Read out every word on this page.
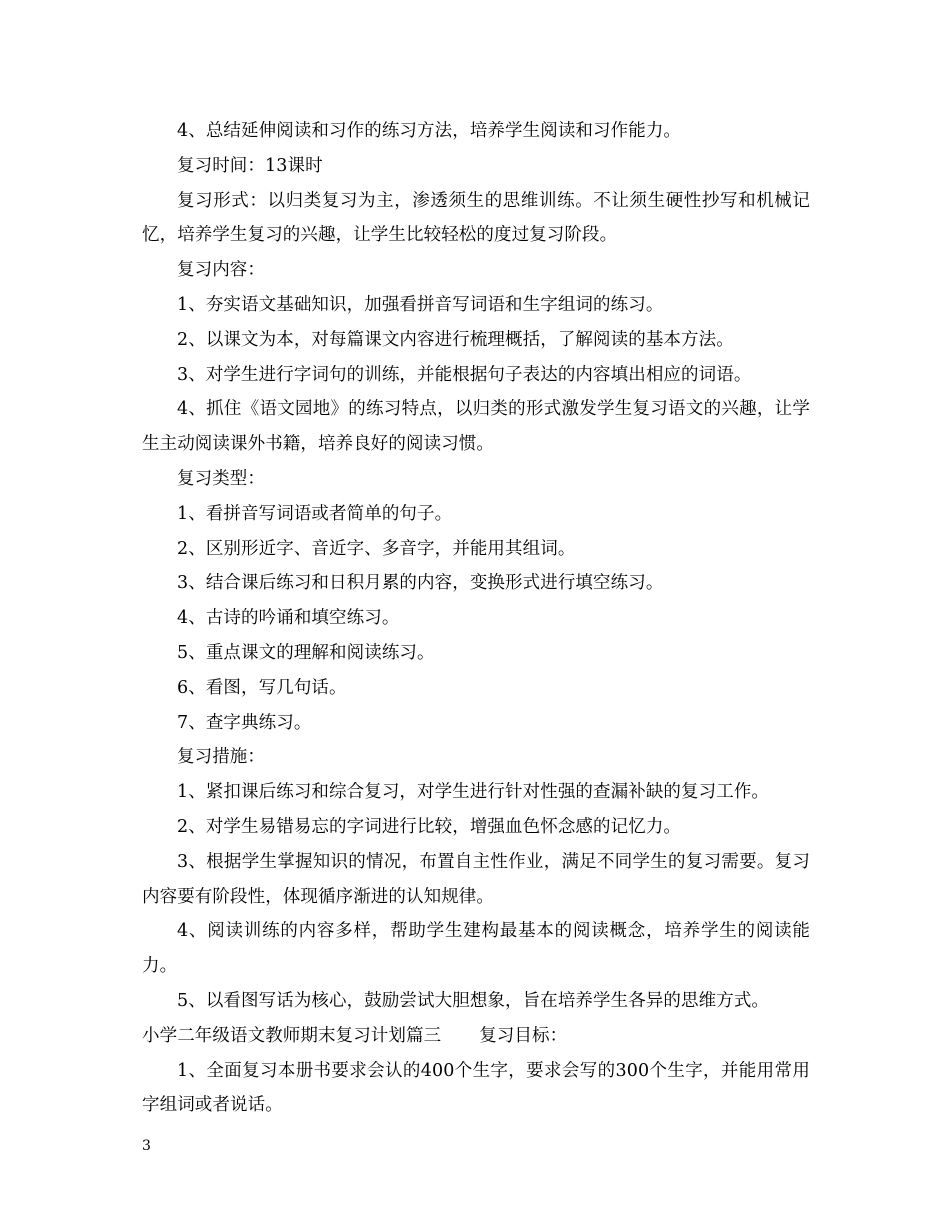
4、总结延伸阅读和习作的练习方法，培养学生阅读和习作能力。

复习时间：13课时

复习形式：以归类复习为主，渗透须生的思维训练。不让须生硬性抄写和机械记忆，培养学生复习的兴趣，让学生比较轻松的度过复习阶段。

复习内容：

1、夯实语文基础知识，加强看拼音写词语和生字组词的练习。

2、以课文为本，对每篇课文内容进行梳理概括，了解阅读的基本方法。

3、对学生进行字词句的训练，并能根据句子表达的内容填出相应的词语。

4、抓住《语文园地》的练习特点，以归类的形式激发学生复习语文的兴趣，让学生主动阅读课外书籍，培养良好的阅读习惯。

复习类型：

1、看拼音写词语或者简单的句子。

2、区别形近字、音近字、多音字，并能用其组词。

3、结合课后练习和日积月累的内容，变换形式进行填空练习。

4、古诗的吟诵和填空练习。

5、重点课文的理解和阅读练习。

6、看图，写几句话。

7、查字典练习。

复习措施：

1、紧扣课后练习和综合复习，对学生进行针对性强的查漏补缺的复习工作。

2、对学生易错易忘的字词进行比较，增强血色怀念感的记忆力。

3、根据学生掌握知识的情况，布置自主性作业，满足不同学生的复习需要。复习内容要有阶段性，体现循序渐进的认知规律。

4、阅读训练的内容多样，帮助学生建构最基本的阅读概念，培养学生的阅读能力。

5、以看图写话为核心，鼓励尝试大胆想象，旨在培养学生各异的思维方式。

小学二年级语文教师期末复习计划篇三 复习目标：

1、全面复习本册书要求会认的400个生字，要求会写的300个生字，并能用常用字组词或者说话。

3
